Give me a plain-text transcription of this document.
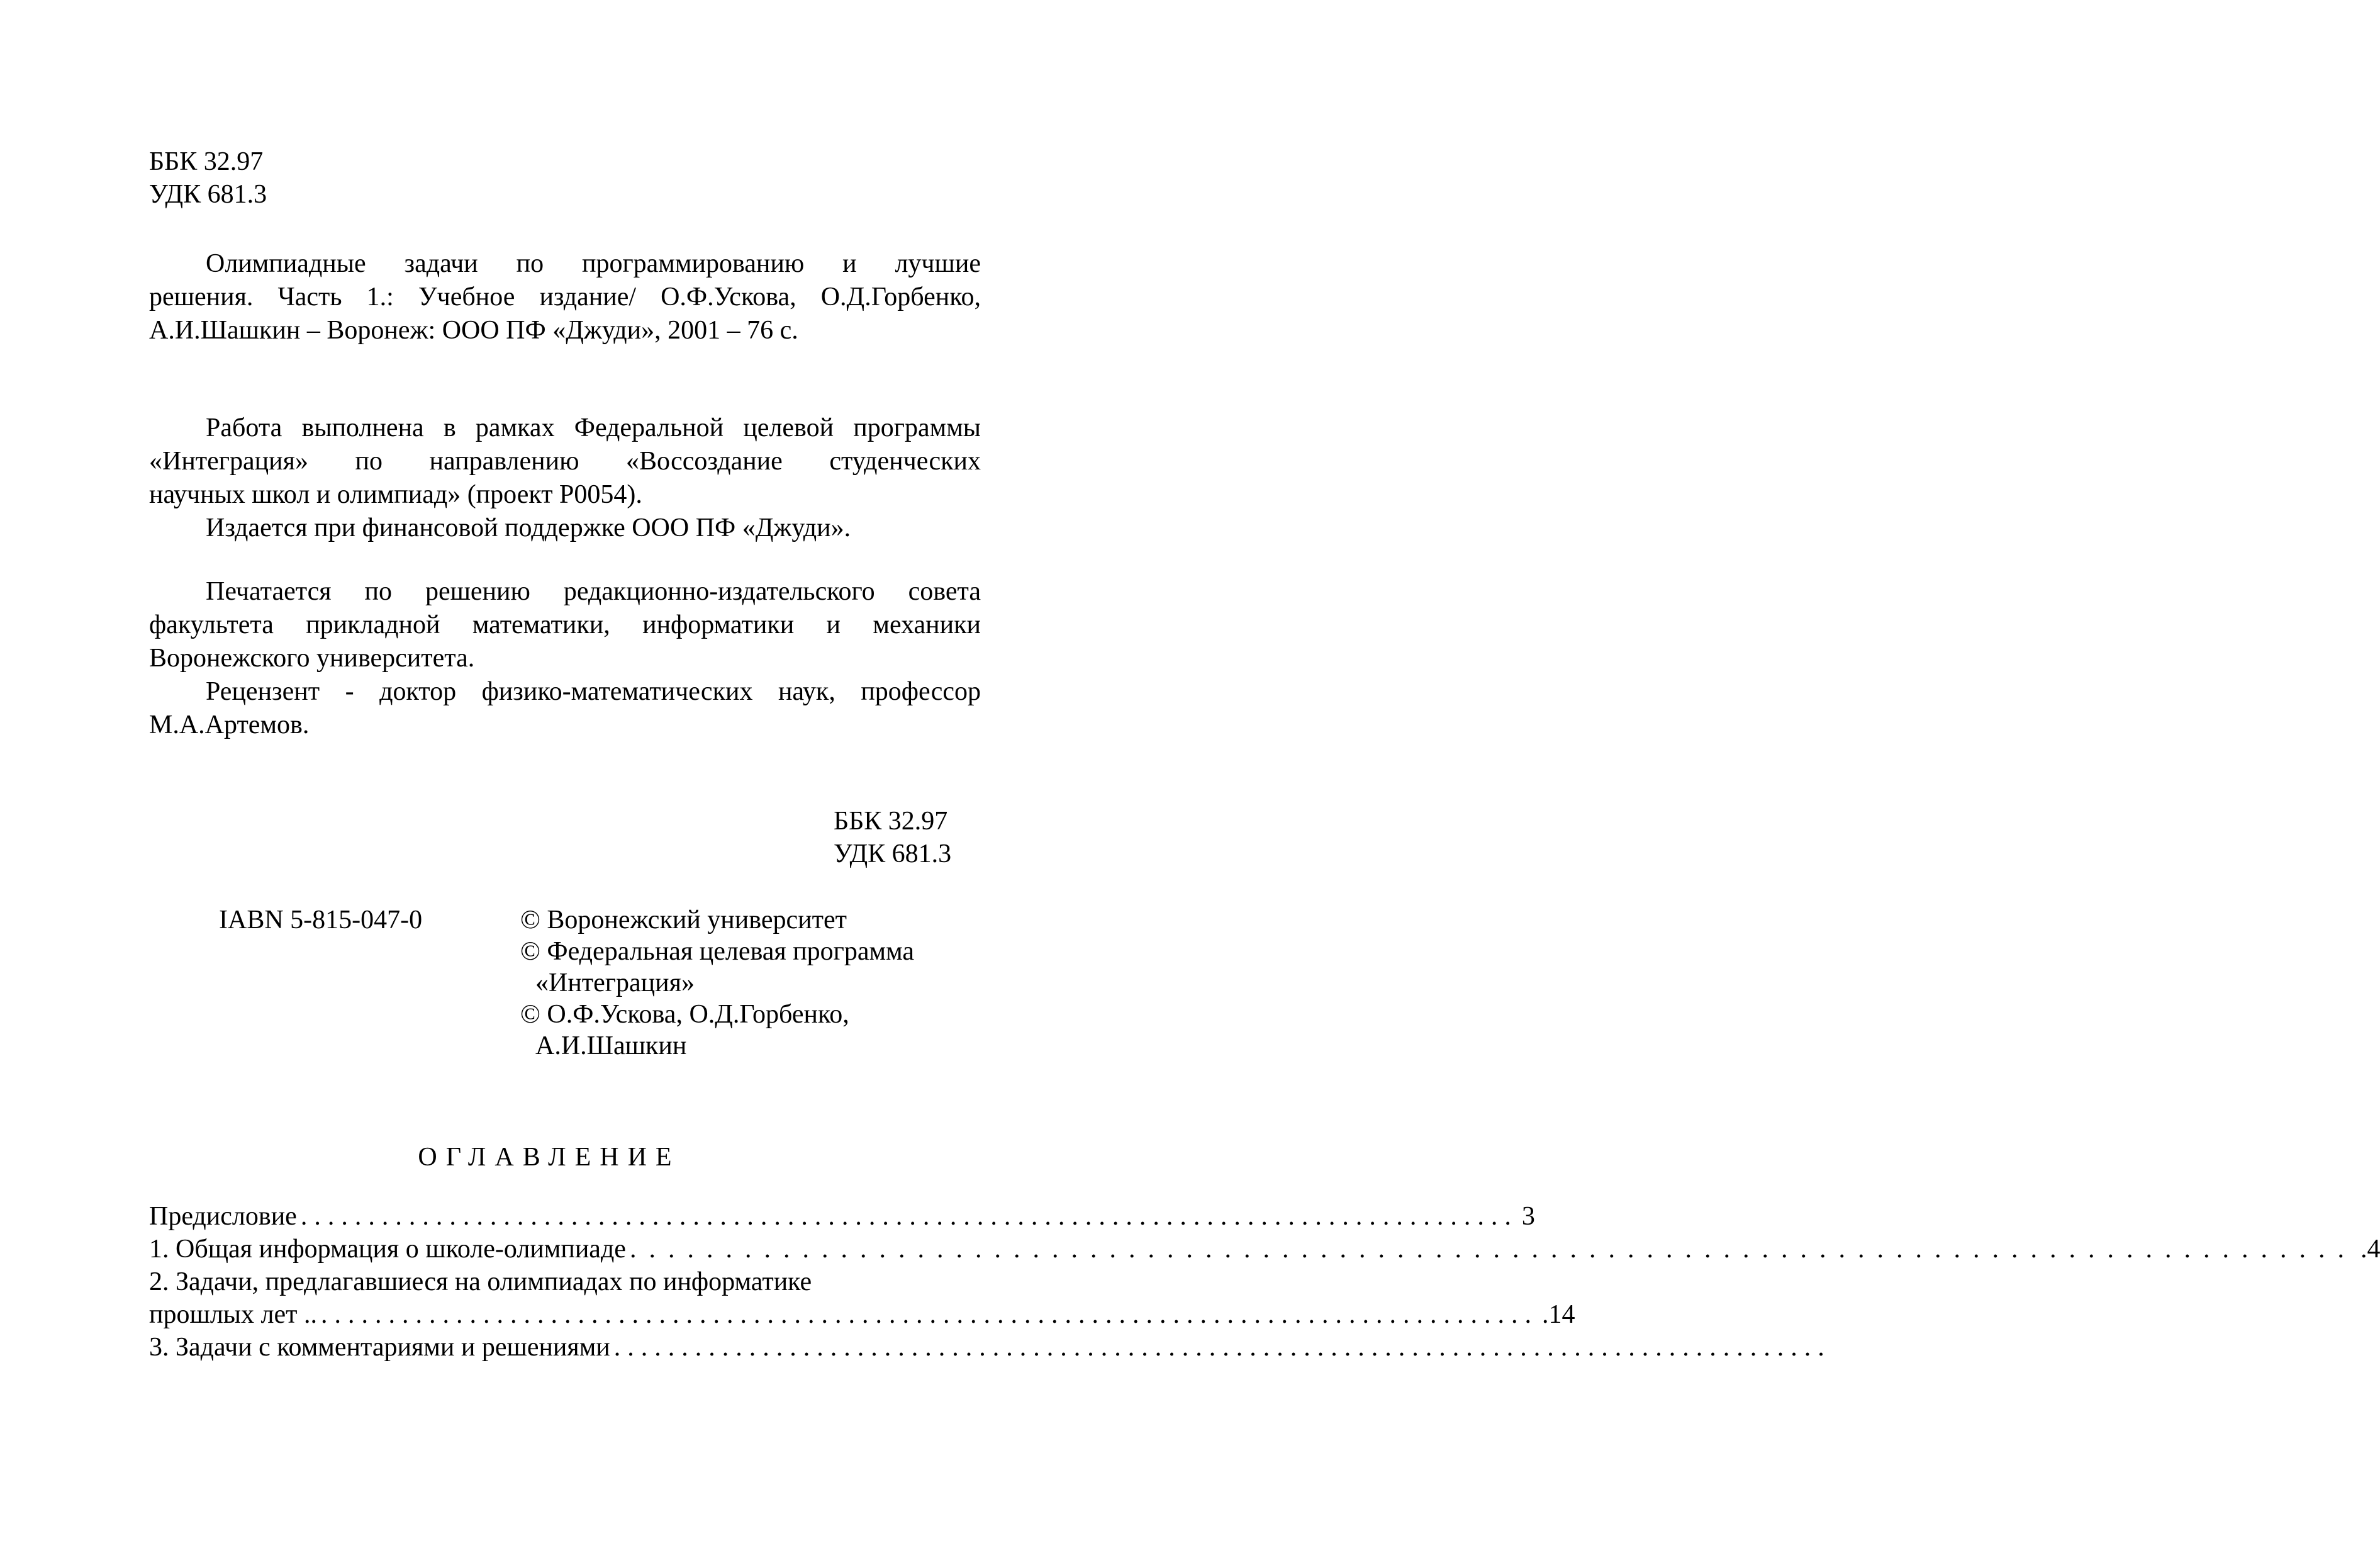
ББК 32.97
УДК 681.3
Олимпиадные задачи по программированию и лучшие
решения. Часть 1.: Учебное издание/ О.Ф.Ускова, О.Д.Горбенко,
А.И.Шашкин – Воронеж: ООО ПФ «Джуди», 2001 – 76 с.
Работа выполнена в рамках Федеральной целевой программы
«Интеграция» по направлению «Воссоздание студенческих
научных школ и олимпиад» (проект P0054).
Издается при финансовой поддержке ООО ПФ «Джуди».
Печатается по решению редакционно-издательского совета
факультета прикладной математики, информатики и механики
Воронежского университета.
Рецензент - доктор физико-математических наук, профессор
М.А.Артемов.
ББК 32.97
УДК 681.3
IABN 5-815-047-0	© Воронежский университет
© Федеральная целевая программа
«Интеграция»
© О.Ф.Ускова, О.Д.Горбенко,
А.И.Шашкин
ОГЛАВЛЕНИЕ
Предисловие .......................................................................................... 3
1. Общая информация о школе-олимпиаде .......................................................................................... .4
2. Задачи, предлагавшиеся на олимпиадах по информатике
прошлых лет .. .......................................................................................... .14
3. Задачи с комментариями и решениями ..........................................................................................
